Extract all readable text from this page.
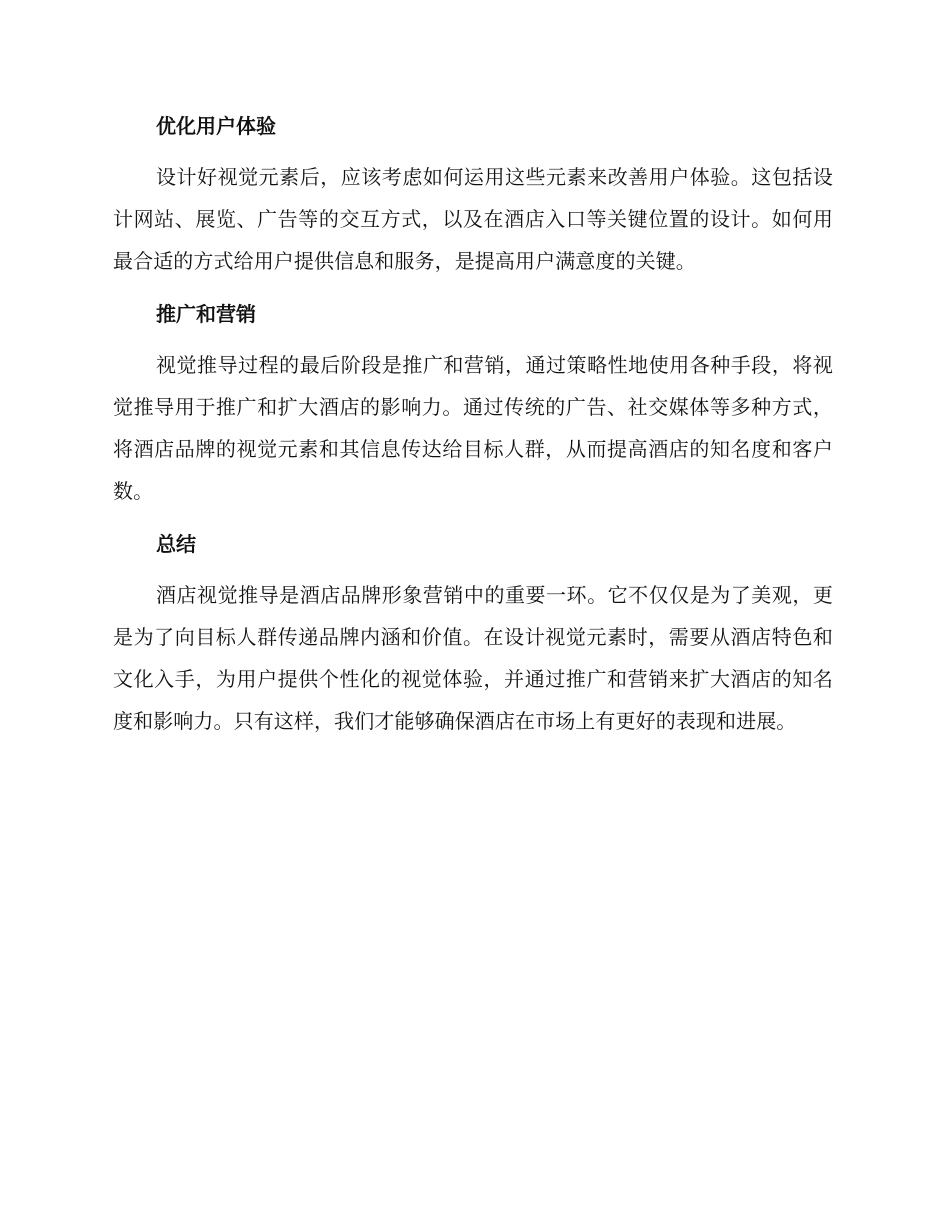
优化用户体验

设计好视觉元素后，应该考虑如何运用这些元素来改善用户体验。这包括设计网站、展览、广告等的交互方式，以及在酒店入口等关键位置的设计。如何用最合适的方式给用户提供信息和服务，是提高用户满意度的关键。

推广和营销

视觉推导过程的最后阶段是推广和营销，通过策略性地使用各种手段，将视觉推导用于推广和扩大酒店的影响力。通过传统的广告、社交媒体等多种方式，将酒店品牌的视觉元素和其信息传达给目标人群，从而提高酒店的知名度和客户数。

总结

酒店视觉推导是酒店品牌形象营销中的重要一环。它不仅仅是为了美观，更是为了向目标人群传递品牌内涵和价值。在设计视觉元素时，需要从酒店特色和文化入手，为用户提供个性化的视觉体验，并通过推广和营销来扩大酒店的知名度和影响力。只有这样，我们才能够确保酒店在市场上有更好的表现和进展。
